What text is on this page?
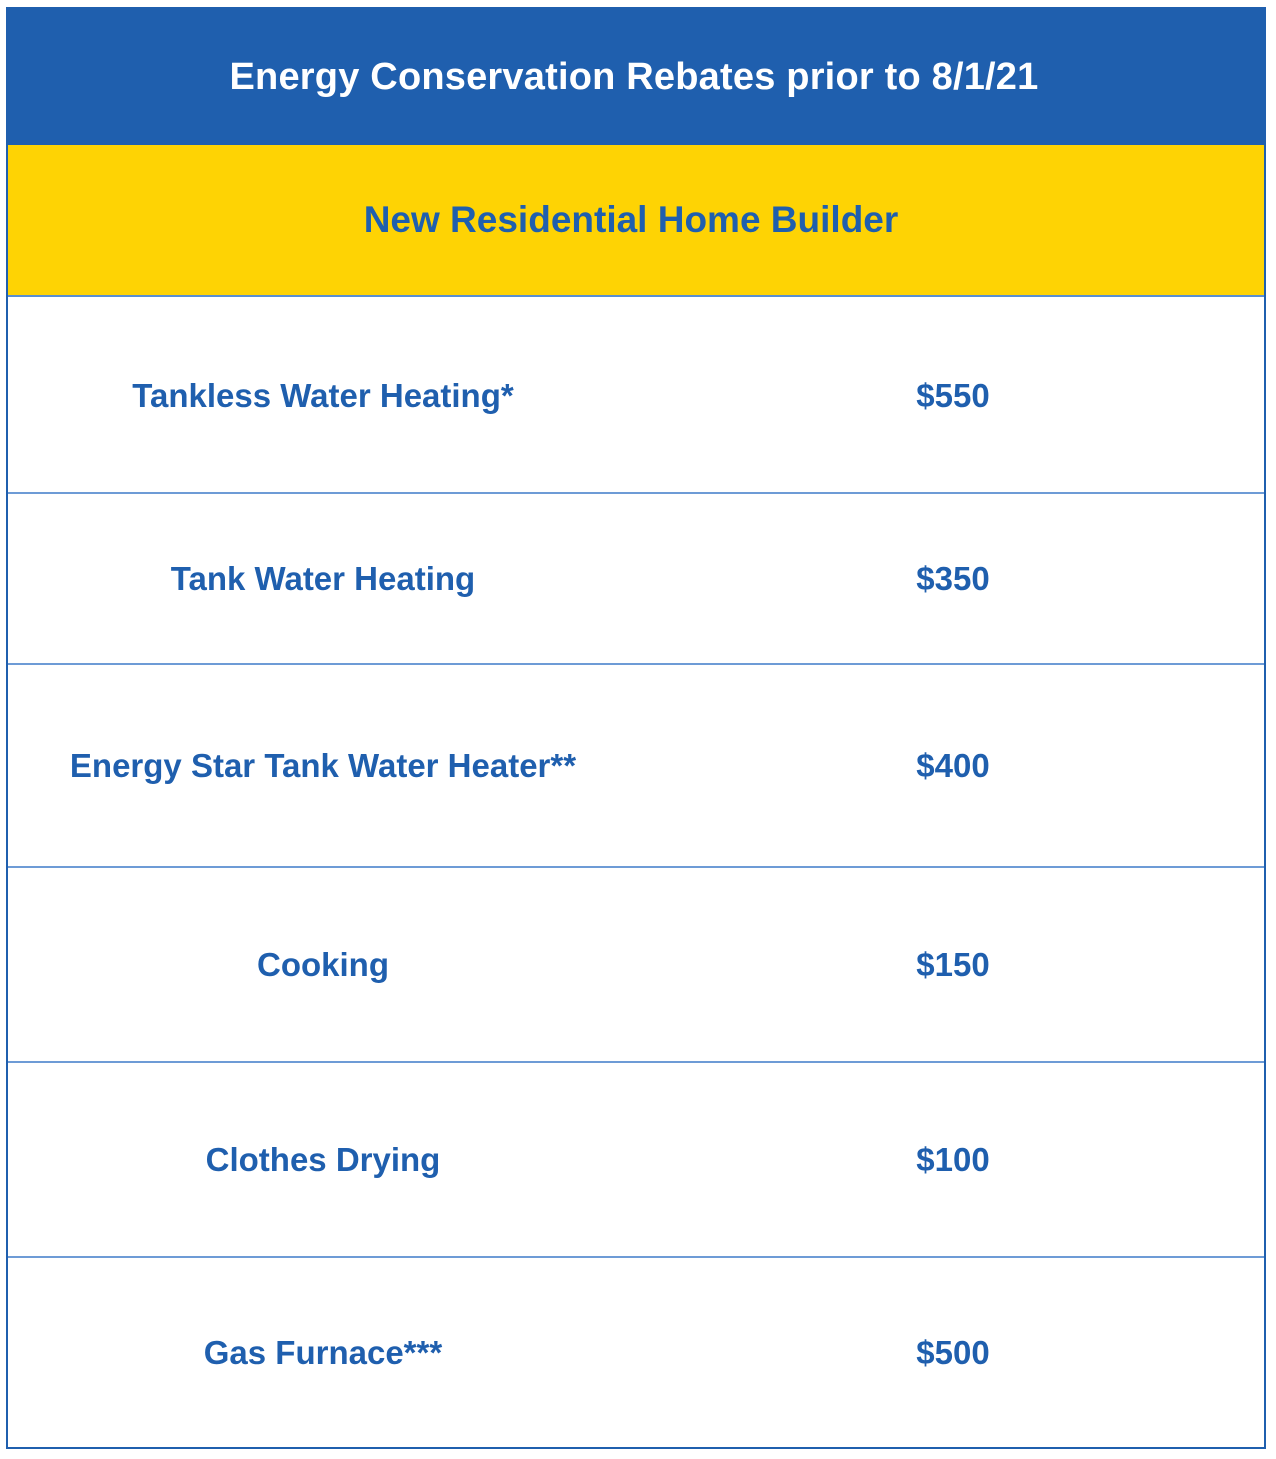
Energy Conservation Rebates prior to 8/1/21
New Residential Home Builder
Tankless Water Heating*	$550
Tank Water Heating	$350
Energy Star Tank Water Heater**	$400
Cooking	$150
Clothes Drying	$100
Gas Furnace***	$500
